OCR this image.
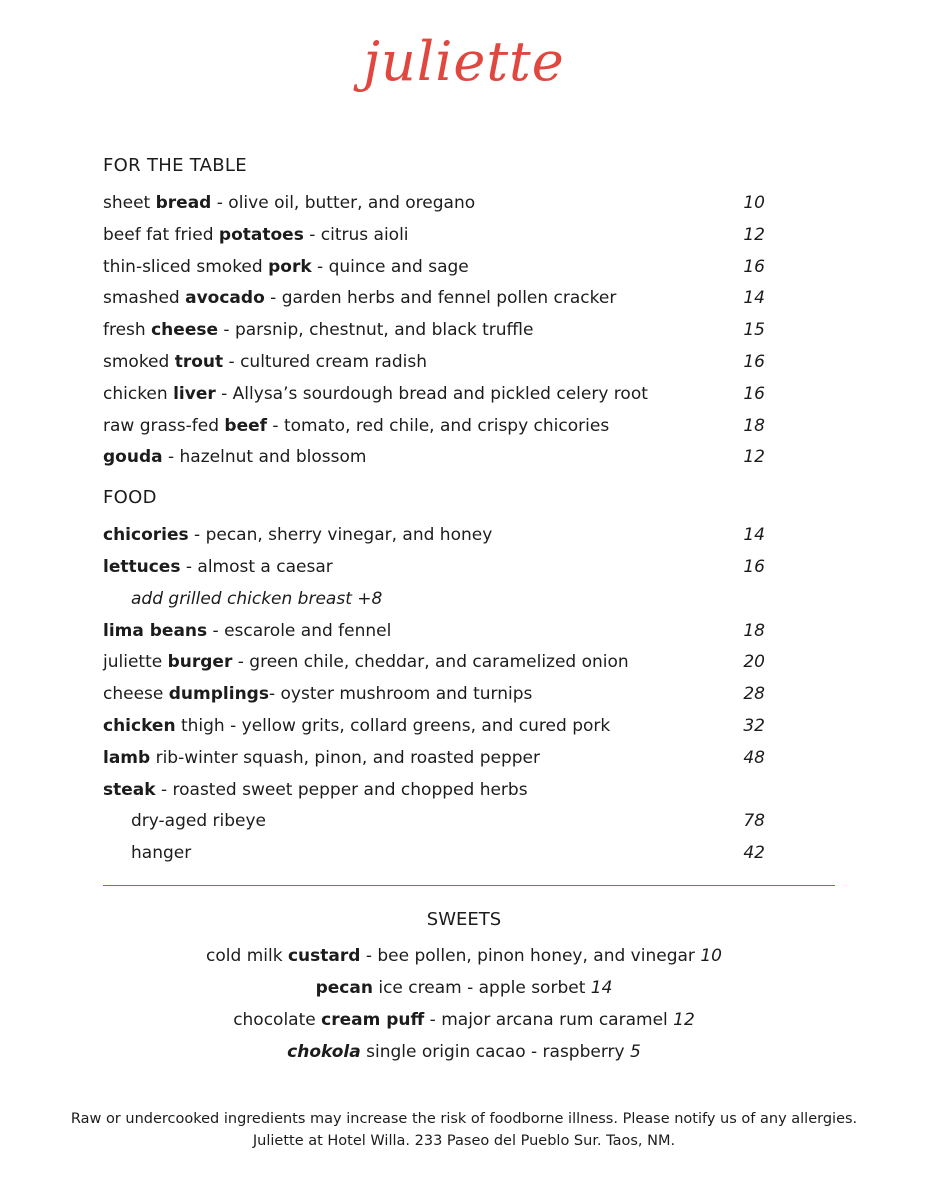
juliette
FOR THE TABLE
sheet bread - olive oil, butter, and oregano	10
beef fat fried potatoes - citrus aioli	12
thin-sliced smoked pork - quince and sage	16
smashed avocado - garden herbs and fennel pollen cracker	14
fresh cheese - parsnip, chestnut, and black truffle	15
smoked trout - cultured cream radish	16
chicken liver - Allysa’s sourdough bread and pickled celery root	16
raw grass-fed beef - tomato, red chile, and crispy chicories	18
gouda - hazelnut and blossom	12
FOOD
chicories - pecan, sherry vinegar, and honey	14
lettuces - almost a caesar	16
add grilled chicken breast +8
lima beans - escarole and fennel	18
juliette burger - green chile, cheddar, and caramelized onion	20
cheese dumplings- oyster mushroom and turnips	28
chicken thigh - yellow grits, collard greens, and cured pork	32
lamb rib-winter squash, pinon, and roasted pepper	48
steak - roasted sweet pepper and chopped herbs
dry-aged ribeye	78
hanger	42
SWEETS
cold milk custard - bee pollen, pinon honey, and vinegar 10
pecan ice cream - apple sorbet 14
chocolate cream puff - major arcana rum caramel 12
chokola single origin cacao - raspberry 5
Raw or undercooked ingredients may increase the risk of foodborne illness. Please notify us of any allergies.
Juliette at Hotel Willa. 233 Paseo del Pueblo Sur. Taos, NM.
